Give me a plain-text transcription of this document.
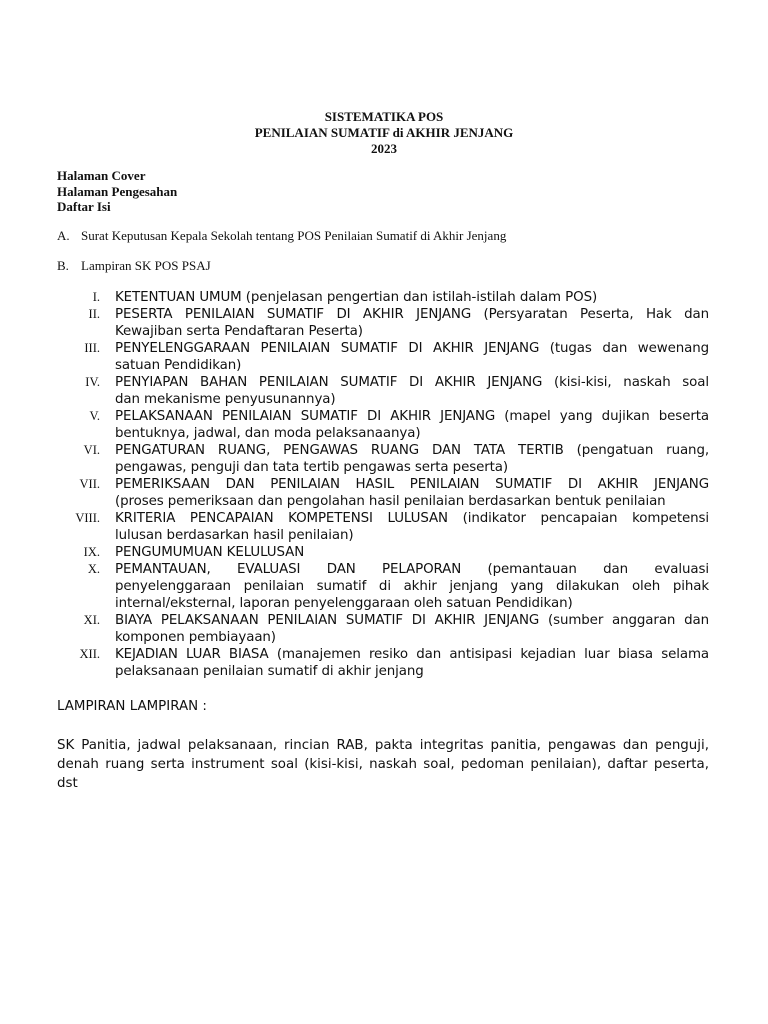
SISTEMATIKA POS
PENILAIAN SUMATIF di AKHIR JENJANG
2023
Halaman Cover
Halaman Pengesahan
Daftar Isi
A. Surat Keputusan Kepala Sekolah tentang POS Penilaian Sumatif di Akhir Jenjang
B. Lampiran SK POS PSAJ
I. KETENTUAN UMUM (penjelasan pengertian dan istilah-istilah dalam POS)
II. PESERTA PENILAIAN SUMATIF DI AKHIR JENJANG (Persyaratan Peserta, Hak dan
Kewajiban serta Pendaftaran Peserta)
III. PENYELENGGARAAN PENILAIAN SUMATIF DI AKHIR JENJANG (tugas dan wewenang
satuan Pendidikan)
IV. PENYIAPAN BAHAN PENILAIAN SUMATIF DI AKHIR JENJANG (kisi-kisi, naskah soal
dan mekanisme penyusunannya)
V. PELAKSANAAN PENILAIAN SUMATIF DI AKHIR JENJANG (mapel yang dujikan beserta
bentuknya, jadwal, dan moda pelaksanaanya)
VI. PENGATURAN RUANG, PENGAWAS RUANG DAN TATA TERTIB (pengatuan ruang,
pengawas, penguji dan tata tertib pengawas serta peserta)
VII. PEMERIKSAAN DAN PENILAIAN HASIL PENILAIAN SUMATIF DI AKHIR JENJANG
(proses pemeriksaan dan pengolahan hasil penilaian berdasarkan bentuk penilaian
VIII. KRITERIA PENCAPAIAN KOMPETENSI LULUSAN (indikator pencapaian kompetensi
lulusan berdasarkan hasil penilaian)
IX. PENGUMUMUAN KELULUSAN
X. PEMANTAUAN, EVALUASI DAN PELAPORAN (pemantauan dan evaluasi
penyelenggaraan penilaian sumatif di akhir jenjang yang dilakukan oleh pihak
internal/eksternal, laporan penyelenggaraan oleh satuan Pendidikan)
XI. BIAYA PELAKSANAAN PENILAIAN SUMATIF DI AKHIR JENJANG (sumber anggaran dan
komponen pembiayaan)
XII. KEJADIAN LUAR BIASA (manajemen resiko dan antisipasi kejadian luar biasa selama
pelaksanaan penilaian sumatif di akhir jenjang
LAMPIRAN LAMPIRAN :
SK Panitia, jadwal pelaksanaan, rincian RAB, pakta integritas panitia, pengawas dan penguji,
denah ruang serta instrument soal (kisi-kisi, naskah soal, pedoman penilaian), daftar peserta,
dst
